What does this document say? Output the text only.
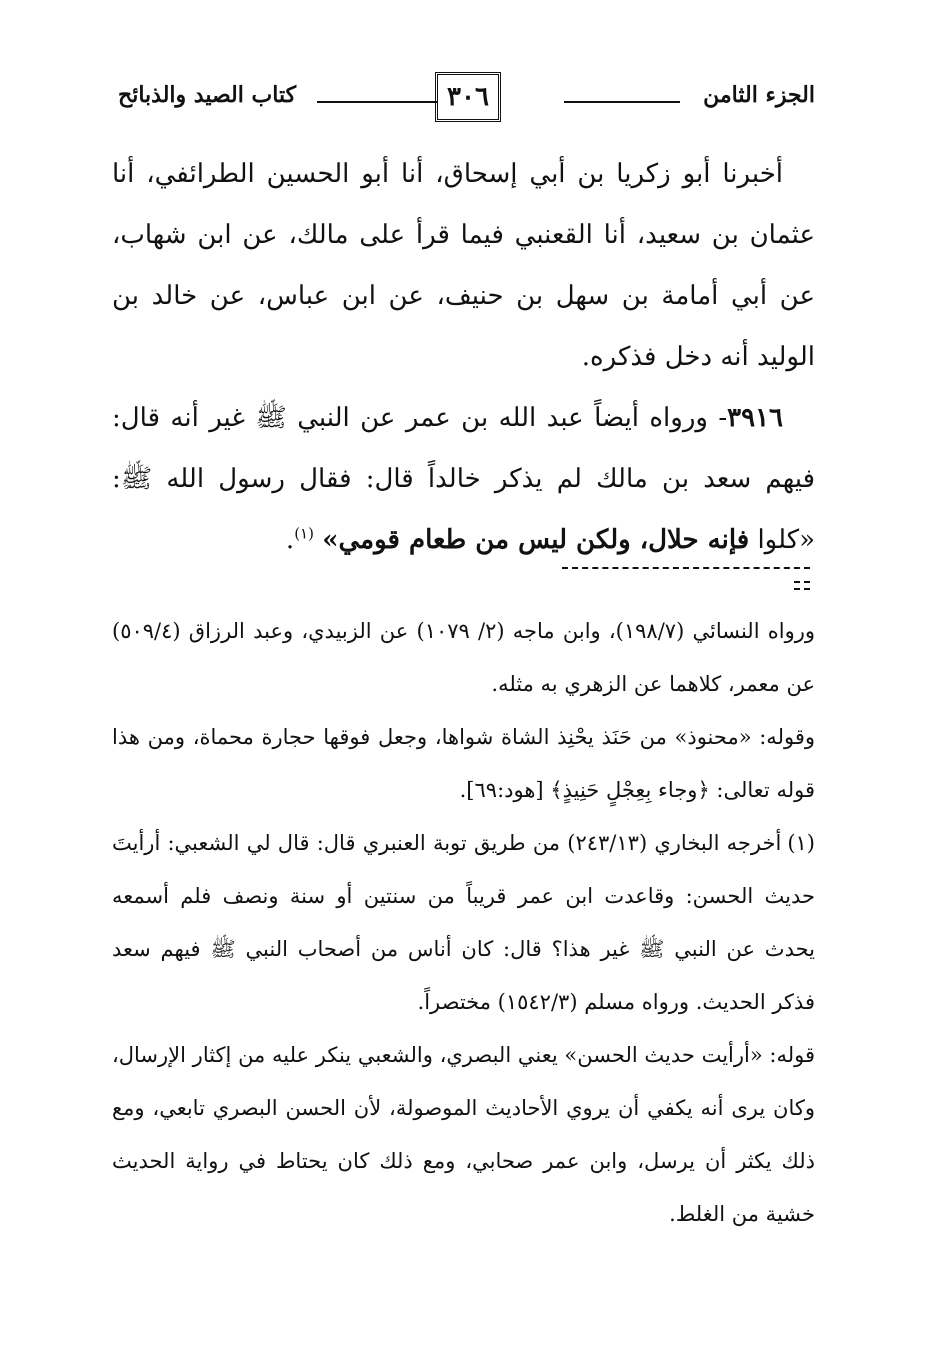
الجزء الثامن
٣٠٦
كتاب الصيد والذبائح

أخبرنا أبو زكريا بن أبي إسحاق، أنا أبو الحسين الطرائفي، أنا عثمان بن سعيد، أنا القعنبي فيما قرأ على مالك، عن ابن شهاب، عن أبي أمامة بن سهل بن حنيف، عن ابن عباس، عن خالد بن الوليد أنه دخل فذكره.

٣٩١٦- ورواه أيضاً عبد الله بن عمر عن النبي ﷺ غير أنه قال: فيهم سعد بن مالك لم يذكر خالداً قال: فقال رسول الله ﷺ: «كلوا فإنه حلال، ولكن ليس من طعام قومي» $^{(١)}$.

ورواه النسائي (١٩٨/٧)، وابن ماجه (٢/ ١٠٧٩) عن الزبيدي، وعبد الرزاق (٥٠٩/٤) عن معمر، كلاهما عن الزهري به مثله.

وقوله: «محنوذ» من حَنَذ يحْنِذ الشاة شواها، وجعل فوقها حجارة محماة، ومن هذا قوله تعالى: ﴿وجاء بِعِجْلٍ حَنِيذٍ﴾ [هود:٦٩].

(١)أخرجه البخاري (٢٤٣/١٣) من طريق توبة العنبري قال: قال لي الشعبي: أرأيتَ حديث الحسن: وقاعدت ابن عمر قريباً من سنتين أو سنة ونصف فلم أسمعه يحدث عن النبي ﷺ غير هذا؟ قال: كان أناس من أصحاب النبي ﷺ فيهم سعد فذكر الحديث. ورواه مسلم (١٥٤٢/٣) مختصراً.

قوله: «أرأيت حديث الحسن» يعني البصري، والشعبي ينكر عليه من إكثار الإرسال، وكان يرى أنه يكفي أن يروي الأحاديث الموصولة، لأن الحسن البصري تابعي، ومع ذلك يكثر أن يرسل، وابن عمر صحابي، ومع ذلك كان يحتاط في رواية الحديث خشية من الغلط.
